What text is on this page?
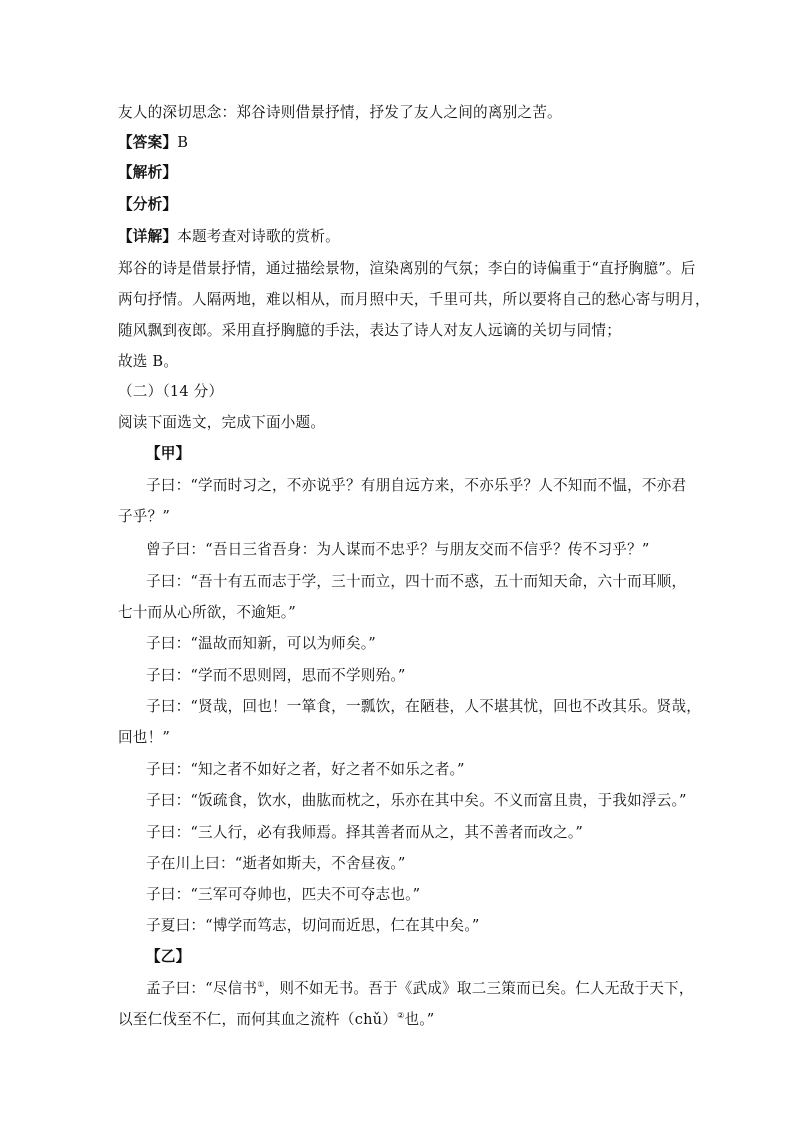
友人的深切思念：郑谷诗则借景抒情，抒发了友人之间的离别之苦。
【答案】B
【解析】
【分析】
【详解】本题考查对诗歌的赏析。
郑谷的诗是借景抒情，通过描绘景物，渲染离别的气氛；李白的诗偏重于“直抒胸臆”。后
两句抒情。人隔两地，难以相从，而月照中天，千里可共，所以要将自己的愁心寄与明月，
随风飘到夜郎。采用直抒胸臆的手法，表达了诗人对友人远谪的关切与同情；
故选 B。
（二）（14 分）
阅读下面选文，完成下面小题。
【甲】
子曰：“学而时习之，不亦说乎？有朋自远方来，不亦乐乎？人不知而不愠，不亦君
子乎？”
曾子曰：“吾日三省吾身：为人谋而不忠乎？与朋友交而不信乎？传不习乎？”
子曰：“吾十有五而志于学，三十而立，四十而不惑，五十而知天命，六十而耳顺，
七十而从心所欲，不逾矩。”
子曰：“温故而知新，可以为师矣。”
子曰：“学而不思则罔，思而不学则殆。”
子曰：“贤哉，回也！一箪食，一瓢饮，在陋巷，人不堪其忧，回也不改其乐。贤哉，
回也！”
子曰：“知之者不如好之者，好之者不如乐之者。”
子曰：“饭疏食，饮水，曲肱而枕之，乐亦在其中矣。不义而富且贵，于我如浮云。”
子曰：“三人行，必有我师焉。择其善者而从之，其不善者而改之。”
子在川上曰：“逝者如斯夫，不舍昼夜。”
子曰：“三军可夺帅也，匹夫不可夺志也。”
子夏曰：“博学而笃志，切问而近思，仁在其中矣。”
【乙】
孟子曰：“尽信书①，则不如无书。吾于《武成》取二三策而已矣。仁人无敌于天下，
以至仁伐至不仁，而何其血之流杵（chǔ）②也。”
